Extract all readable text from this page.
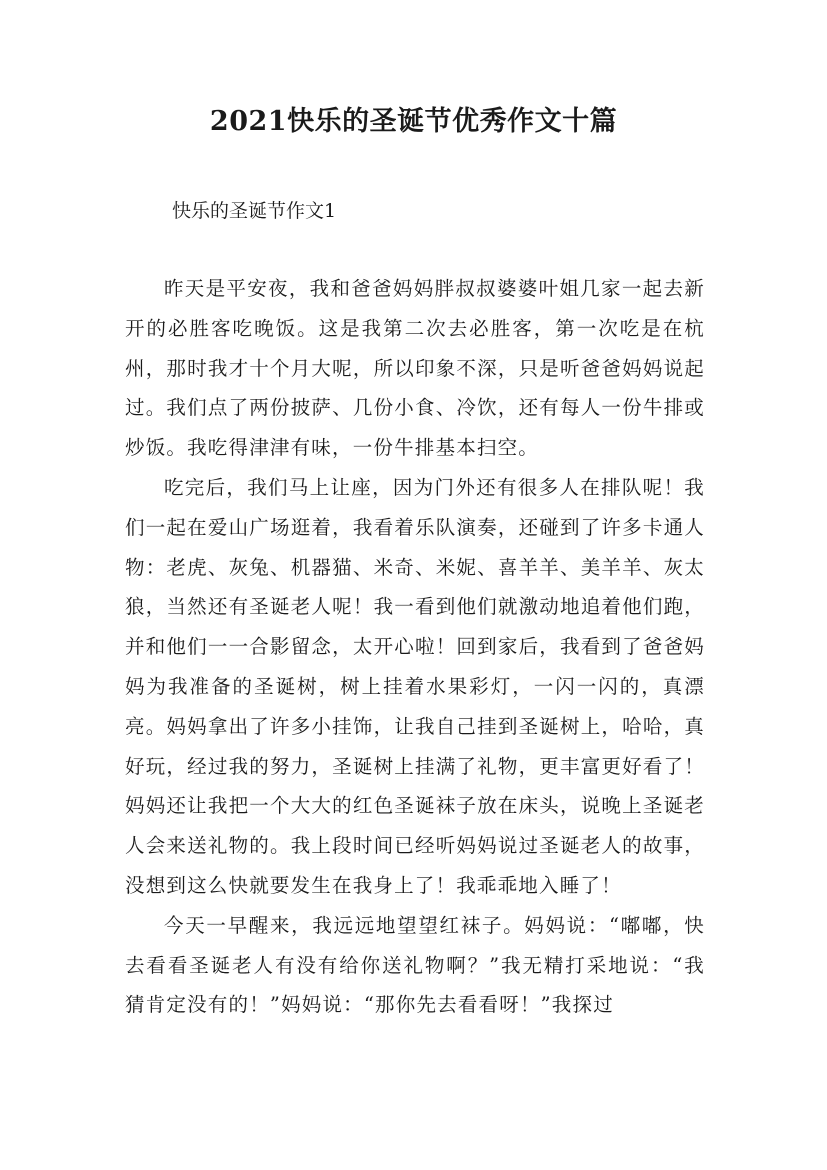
2021快乐的圣诞节优秀作文十篇
快乐的圣诞节作文1

昨天是平安夜，我和爸爸妈妈胖叔叔婆婆叶姐几家一起去新开的必胜客吃晚饭。这是我第二次去必胜客，第一次吃是在杭州，那时我才十个月大呢，所以印象不深，只是听爸爸妈妈说起过。我们点了两份披萨、几份小食、冷饮，还有每人一份牛排或炒饭。我吃得津津有味，一份牛排基本扫空。

吃完后，我们马上让座，因为门外还有很多人在排队呢！我们一起在爱山广场逛着，我看着乐队演奏，还碰到了许多卡通人物：老虎、灰兔、机器猫、米奇、米妮、喜羊羊、美羊羊、灰太狼，当然还有圣诞老人呢！我一看到他们就激动地追着他们跑，并和他们一一合影留念，太开心啦！回到家后，我看到了爸爸妈妈为我准备的圣诞树，树上挂着水果彩灯，一闪一闪的，真漂亮。妈妈拿出了许多小挂饰，让我自己挂到圣诞树上，哈哈，真好玩，经过我的努力，圣诞树上挂满了礼物，更丰富更好看了！妈妈还让我把一个大大的红色圣诞袜子放在床头，说晚上圣诞老人会来送礼物的。我上段时间已经听妈妈说过圣诞老人的故事，没想到这么快就要发生在我身上了！我乖乖地入睡了！

今天一早醒来，我远远地望望红袜子。妈妈说：“嘟嘟，快去看看圣诞老人有没有给你送礼物啊？”我无精打采地说：“我猜肯定没有的！”妈妈说：“那你先去看看呀！”我探过
